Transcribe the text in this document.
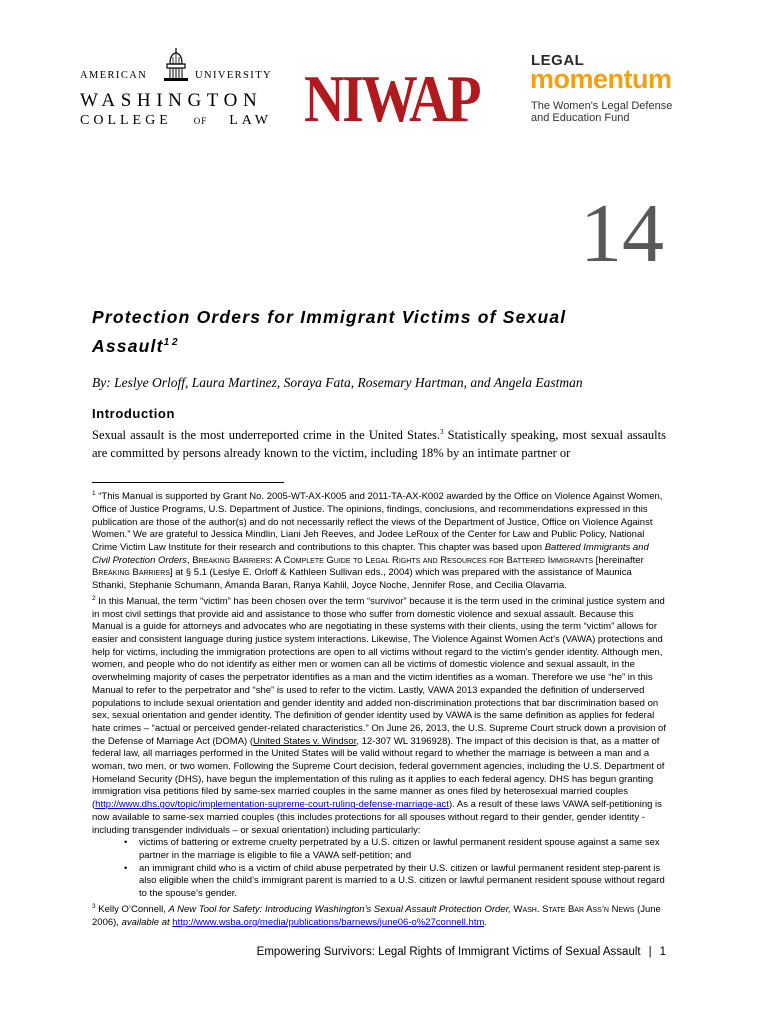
AMERICAN	UNIVERSITY
WASHINGTON
COLLEGE OF LAW NIWAP
LEGAL
momentum
The Women's Legal Defense
and Education Fund
14
Protection Orders for Immigrant Victims of Sexual
Assault$^{1 2}$
By: Leslye Orloff, Laura Martinez, Soraya Fata, Rosemary Hartman, and Angela Eastman
Introduction
Sexual assault is the most underreported crime in the United States.$^3$ Statistically speaking, most sexual assaults are committed by persons already known to the victim, including 18% by an intimate partner or

$^1$ “This Manual is supported by Grant No. 2005-WT-AX-K005 and 2011-TA-AX-K002 awarded by the Office on Violence Against Women, Office of Justice Programs, U.S. Department of Justice. The opinions, findings, conclusions, and recommendations expressed in this publication are those of the author(s) and do not necessarily reflect the views of the Department of Justice, Office on Violence Against Women.” We are grateful to Jessica Mindlin, Liani Jeh Reeves, and Jodee LeRoux of the Center for Law and Public Policy, National Crime Victim Law Institute for their research and contributions to this chapter. This chapter was based upon Battered Immigrants and Civil Protection Orders, Breaking Barriers: A Complete Guide to Legal Rights and Resources for Battered Immigrants [hereinafter Breaking Barriers] at § 5.1 (Leslye E. Orloff & Kathleen Sullivan eds., 2004) which was prepared with the assistance of Maunica Sthanki, Stephanie Schumann, Amanda Baran, Ranya Kahlil, Joyce Noche, Jennifer Rose, and Cecilia Olavarria.

$^2$ In this Manual, the term “victim” has been chosen over the term “survivor” because it is the term used in the criminal justice system and in most civil settings that provide aid and assistance to those who suffer from domestic violence and sexual assault. Because this Manual is a guide for attorneys and advocates who are negotiating in these systems with their clients, using the term “victim” allows for easier and consistent language during justice system interactions. Likewise, The Violence Against Women Act’s (VAWA) protections and help for victims, including the immigration protections are open to all victims without regard to the victim’s gender identity. Although men, women, and people who do not identify as either men or women can all be victims of domestic violence and sexual assault, in the overwhelming majority of cases the perpetrator identifies as a man and the victim identifies as a woman. Therefore we use “he” in this Manual to refer to the perpetrator and “she” is used to refer to the victim. Lastly, VAWA 2013 expanded the definition of underserved populations to include sexual orientation and gender identity and added non-discrimination protections that bar discrimination based on sex, sexual orientation and gender identity. The definition of gender identity used by VAWA is the same definition as applies for federal hate crimes – “actual or perceived gender-related characteristics.” On June 26, 2013, the U.S. Supreme Court struck down a provision of the Defense of Marriage Act (DOMA) (United States v. Windsor, 12-307 WL 3196928). The impact of this decision is that, as a matter of federal law, all marriages performed in the United States will be valid without regard to whether the marriage is between a man and a woman, two men, or two women. Following the Supreme Court decision, federal government agencies, including the U.S. Department of Homeland Security (DHS), have begun the implementation of this ruling as it applies to each federal agency. DHS has begun granting immigration visa petitions filed by same-sex married couples in the same manner as ones filed by heterosexual married couples (http://www.dhs.gov/topic/implementation-supreme-court-ruling-defense-marriage-act). As a result of these laws VAWA self-petitioning is now available to same-sex married couples (this includes protections for all spouses without regard to their gender, gender identity - including transgender individuals – or sexual orientation) including particularly:
• victims of battering or extreme cruelty perpetrated by a U.S. citizen or lawful permanent resident spouse against a same sex partner in the marriage is eligible to file a VAWA self-petition; and
• an immigrant child who is a victim of child abuse perpetrated by their U.S. citizen or lawful permanent resident step-parent is also eligible when the child’s immigrant parent is married to a U.S. citizen or lawful permanent resident spouse without regard to the spouse’s gender.

$^3$ Kelly O’Connell, A New Tool for Safety: Introducing Washington’s Sexual Assault Protection Order, Wash. State Bar Ass’n News (June 2006), available at http://www.wsba.org/media/publications/barnews/june06-o%27connell.htm.

Empowering Survivors: Legal Rights of Immigrant Victims of Sexual Assault | 1
